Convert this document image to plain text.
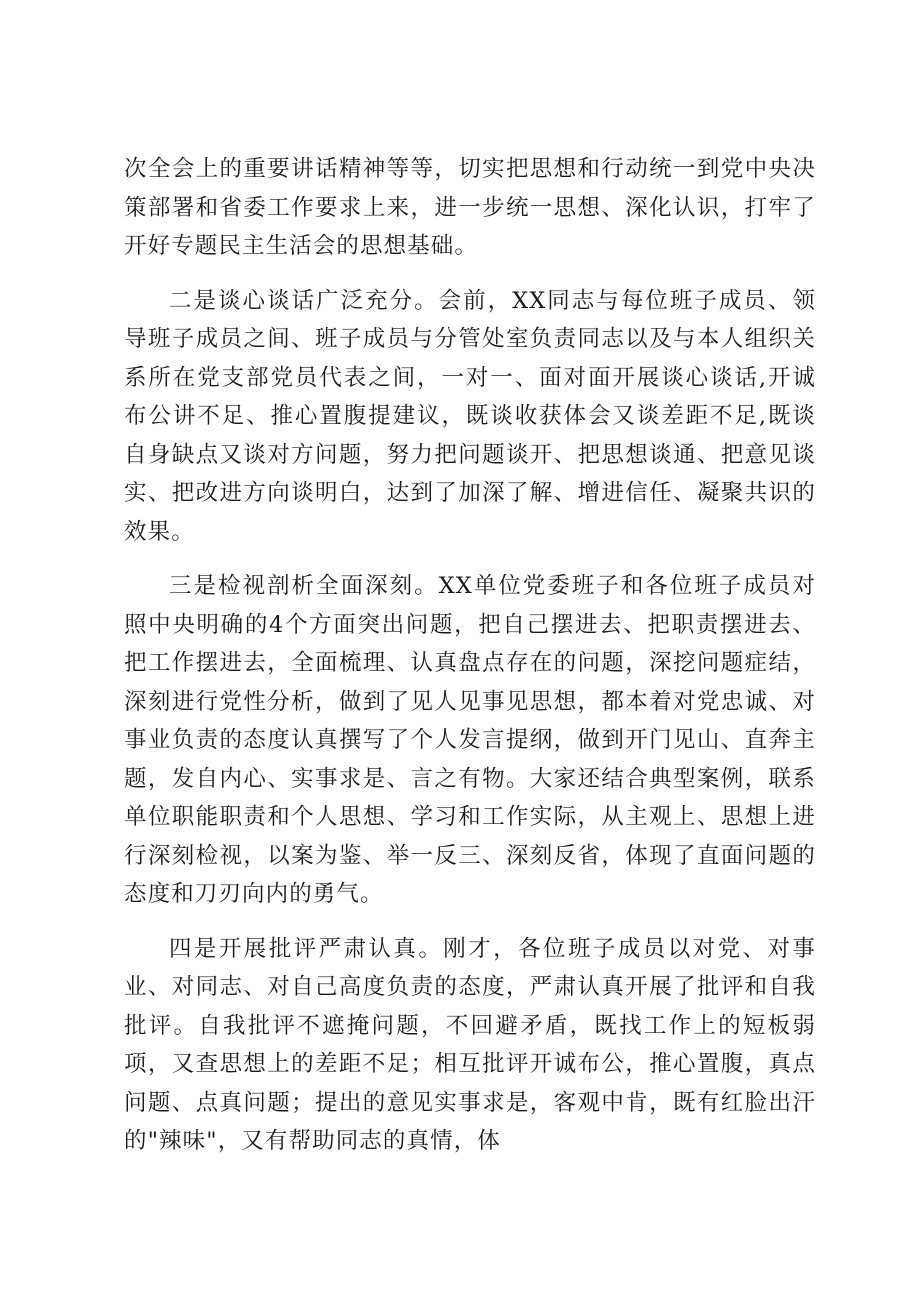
次全会上的重要讲话精神等等，切实把思想和行动统一到党中央决策部署和省委工作要求上来，进一步统一思想、深化认识，打牢了开好专题民主生活会的思想基础。

二是谈心谈话广泛充分。会前，XX同志与每位班子成员、领导班子成员之间、班子成员与分管处室负责同志以及与本人组织关系所在党支部党员代表之间，一对一、面对面开展谈心谈话,开诚布公讲不足、推心置腹提建议，既谈收获体会又谈差距不足,既谈自身缺点又谈对方问题，努力把问题谈开、把思想谈通、把意见谈实、把改进方向谈明白，达到了加深了解、增进信任、凝聚共识的效果。

三是检视剖析全面深刻。XX单位党委班子和各位班子成员对照中央明确的4个方面突出问题，把自己摆进去、把职责摆进去、把工作摆进去，全面梳理、认真盘点存在的问题，深挖问题症结，深刻进行党性分析，做到了见人见事见思想，都本着对党忠诚、对事业负责的态度认真撰写了个人发言提纲，做到开门见山、直奔主题，发自内心、实事求是、言之有物。大家还结合典型案例，联系单位职能职责和个人思想、学习和工作实际，从主观上、思想上进行深刻检视，以案为鉴、举一反三、深刻反省，体现了直面问题的态度和刀刃向内的勇气。

四是开展批评严肃认真。刚才，各位班子成员以对党、对事业、对同志、对自己高度负责的态度，严肃认真开展了批评和自我批评。自我批评不遮掩问题，不回避矛盾，既找工作上的短板弱项，又查思想上的差距不足；相互批评开诚布公，推心置腹，真点问题、点真问题；提出的意见实事求是，客观中肯，既有红脸出汗的"辣味"，又有帮助同志的真情，体
